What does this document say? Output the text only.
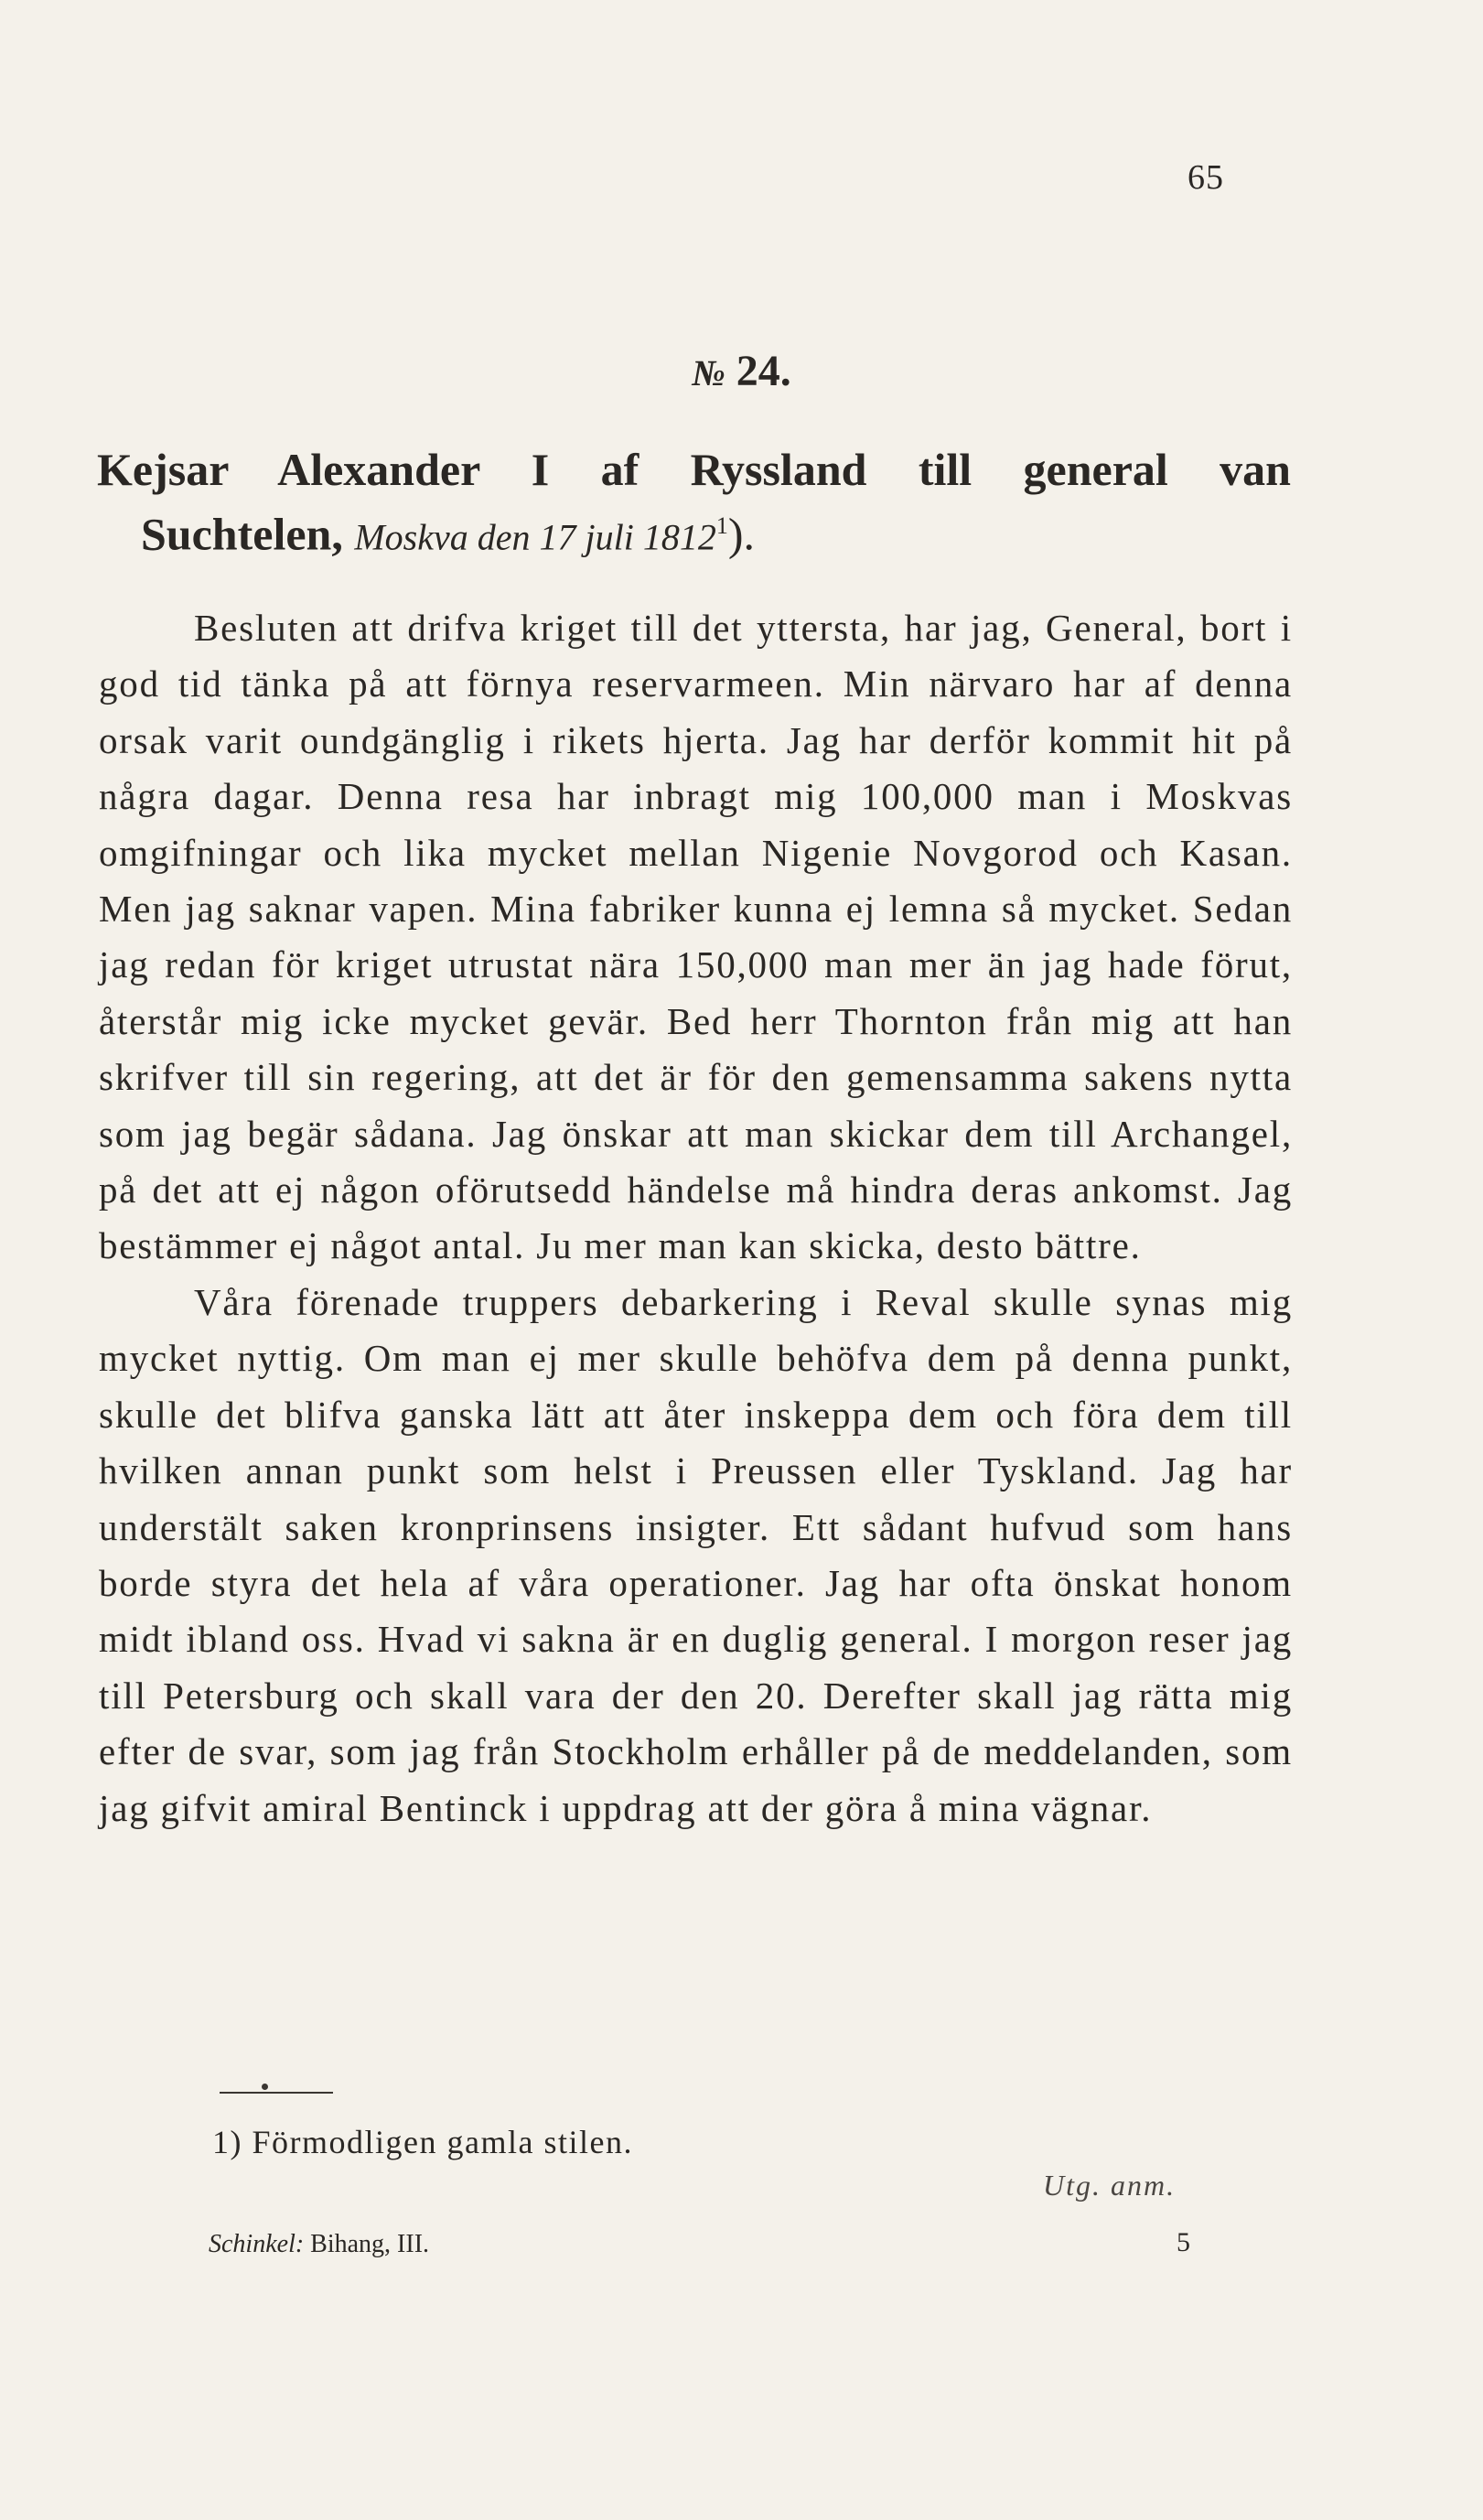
65
№ 24.
Kejsar Alexander I af Ryssland till general van
Suchtelen, Moskva den 17 juli 1812$^1$).

Besluten att drifva kriget till det yttersta, har jag, General, bort i god tid tänka på att förnya reservarmeen. Min närvaro har af denna orsak varit oundgänglig i rikets hjerta. Jag har derför kommit hit på några dagar. Denna resa har inbragt mig 100,000 man i Moskvas omgifningar och lika mycket mellan Nigenie Novgorod och Kasan. Men jag saknar vapen. Mina fabriker kunna ej lemna så mycket. Sedan jag redan för kriget utrustat nära 150,000 man mer än jag hade förut, återstår mig icke mycket gevär. Bed herr Thornton från mig att han skrifver till sin regering, att det är för den gemensamma sakens nytta som jag begär sådana. Jag önskar att man skickar dem till Archangel, på det att ej någon oförutsedd händelse må hindra deras ankomst. Jag bestämmer ej något antal. Ju mer man kan skicka, desto bättre.

Våra förenade truppers debarkering i Reval skulle synas mig mycket nyttig. Om man ej mer skulle behöfva dem på denna punkt, skulle det blifva ganska lätt att åter inskeppa dem och föra dem till hvilken annan punkt som helst i Preussen eller Tyskland. Jag har understält saken kronprinsens insigter. Ett sådant hufvud som hans borde styra det hela af våra operationer. Jag har ofta önskat honom midt ibland oss. Hvad vi sakna är en duglig general. I morgon reser jag till Petersburg och skall vara der den 20. Derefter skall jag rätta mig efter de svar, som jag från Stockholm erhåller på de meddelanden, som jag gifvit amiral Bentinck i uppdrag att der göra å mina vägnar.

1) Förmodligen gamla stilen.
Utg. anm.
Schinkel: Bihang, III.	5
